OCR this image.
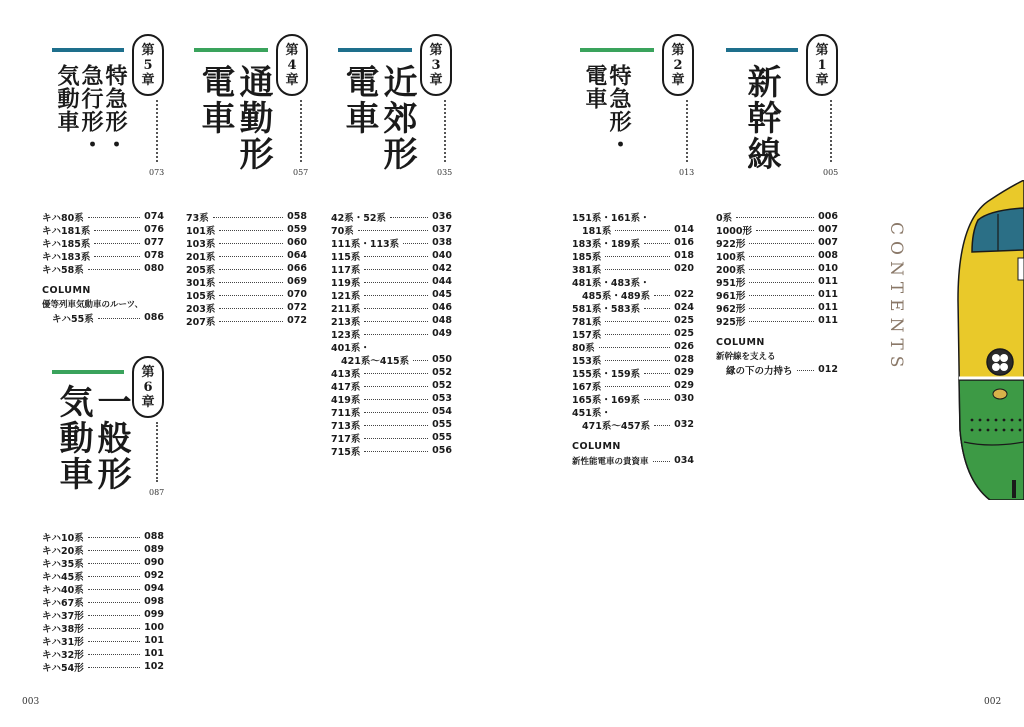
第
1
章
005
新幹線
0系	006
1000形	007
922形	007
100系	008
200系	010
951形	011
961形	011
962形	011
925形	011
COLUMN
新幹線を支える
縁の下の力持ち	012
第
2
章
013
特急形・電車
151系・161系・
181系	014
183系・189系	016
185系	018
381系	020
481系・483系・
485系・489系	022
581系・583系	024
781系	025
157系	025
80系	026
153系	028
155系・159系	029
167系	029
165系・169系	030
451系・
471系〜457系	032
COLUMN
新性能電車の貴資車	034
第
3
章
035
近郊形電車
42系・52系	036
70系	037
111系・113系	038
115系	040
117系	042
119系	044
121系	045
211系	046
213系	048
123系	049
401系・
421系〜415系 050
413系	052
417系	052
419系	053
711系	054
713系	055
717系	055
715系	056
第
4
章
057
通勤形電車
73系	058
101系	059
103系	060
201系	064
205系	066
301系	069
105系	070
203系	072
207系	072
第
5
章
073
特急形・急行形・気動車
キハ80系	074
キハ181系	076
キハ185系	077
キハ183系	078
キハ58系	080
COLUMN
優等列車気動車のルーツ、
キハ55系	086
第
6
章
087
一般形気動車
キハ10系	088
キハ20系	089
キハ35系	090
キハ45系	092
キハ40系	094
キハ67系	098
キハ37形	099
キハ38形	100
キハ31形	101
キハ32形	101
キハ54形	102
CONTENTS
003	002
